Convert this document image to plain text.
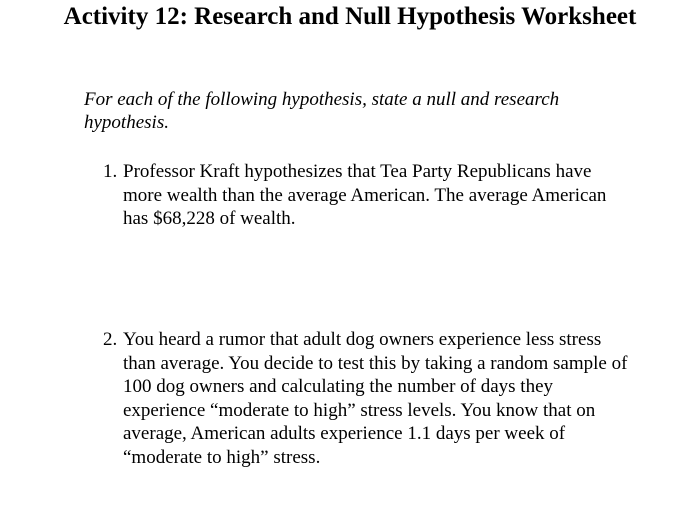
Activity 12: Research and Null Hypothesis Worksheet

For each of the following hypothesis, state a null and research hypothesis.

1. Professor Kraft hypothesizes that Tea Party Republicans have more wealth than the average American. The average American has $68,228 of wealth.
2. You heard a rumor that adult dog owners experience less stress than average. You decide to test this by taking a random sample of 100 dog owners and calculating the number of days they experience “moderate to high” stress levels. You know that on average, American adults experience 1.1 days per week of “moderate to high” stress.
